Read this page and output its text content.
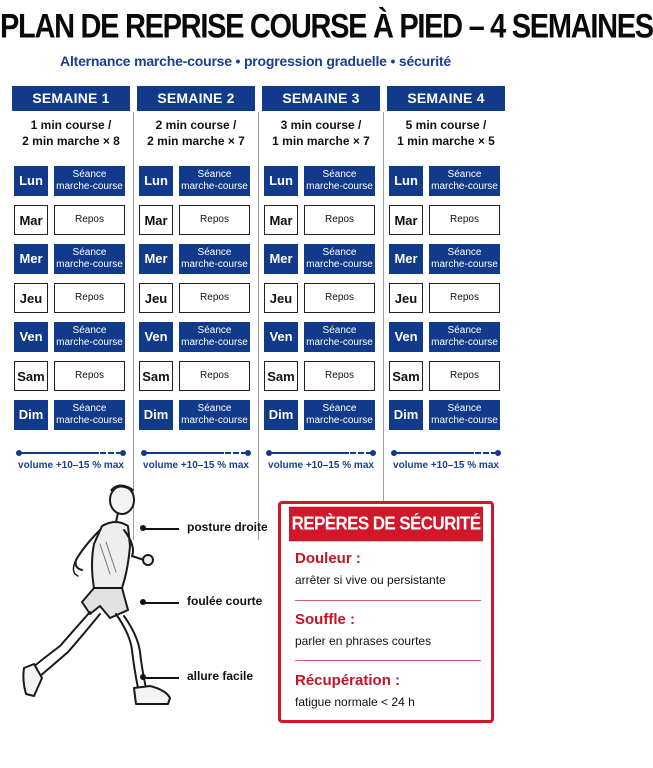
PLAN DE REPRISE COURSE À PIED – 4 SEMAINES
Alternance marche-course • progression graduelle • sécurité
SEMAINE 1
1 min course /
2 min marche × 8
Lun	Séance
marche-course
Mar	Repos
Mer	Séance
marche-course
Jeu	Repos
Ven	Séance
marche-course
Sam	Repos
Dim	Séance
marche-course
volume +10–15 % max
SEMAINE 2
2 min course /
2 min marche × 7
Lun	Séance
marche-course
Mar	Repos
Mer	Séance
marche-course
Jeu	Repos
Ven	Séance
marche-course
Sam	Repos
Dim	Séance
marche-course
volume +10–15 % max
SEMAINE 3
3 min course /
1 min marche × 7
Lun	Séance
marche-course
Mar	Repos
Mer	Séance
marche-course
Jeu	Repos
Ven	Séance
marche-course
Sam	Repos
Dim	Séance
marche-course
volume +10–15 % max
SEMAINE 4
5 min course /
1 min marche × 5
Lun	Séance
marche-course
Mar	Repos
Mer	Séance
marche-course
Jeu	Repos
Ven	Séance
marche-course
Sam	Repos
Dim	Séance
marche-course
volume +10–15 % max
posture droite
foulée courte
allure facile
REPÈRES DE SÉCURITÉ
Douleur :
arrêter si vive ou persistante
Souffle :
parler en phrases courtes
Récupération :
fatigue normale < 24 h
